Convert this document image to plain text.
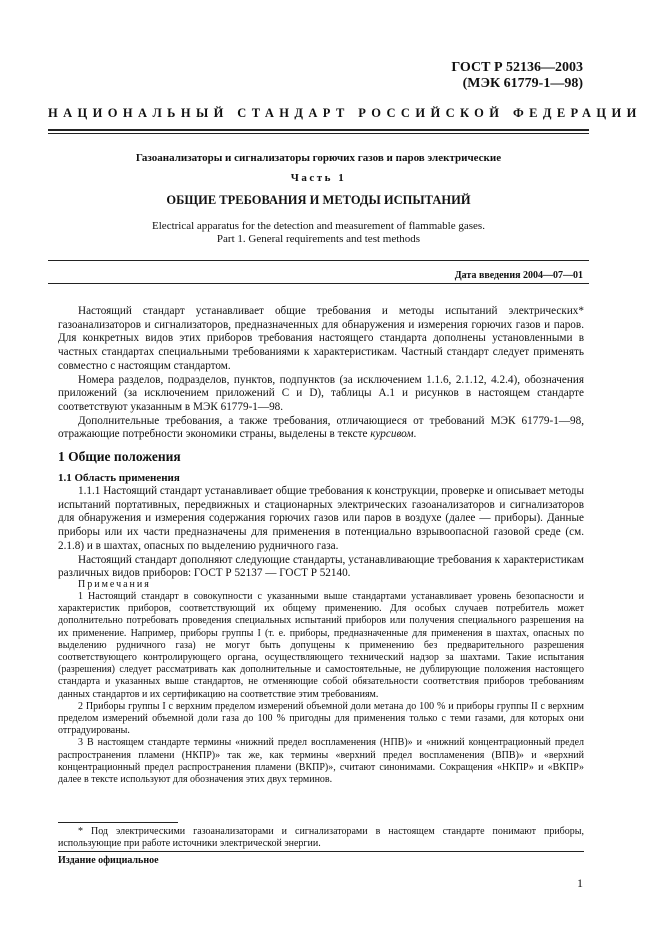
ГОСТ Р 52136—2003
(МЭК 61779-1—98)
НАЦИОНАЛЬНЫЙ СТАНДАРТ РОССИЙСКОЙ ФЕДЕРАЦИИ
Газоанализаторы и сигнализаторы горючих газов и паров электрические
Часть 1
ОБЩИЕ ТРЕБОВАНИЯ И МЕТОДЫ ИСПЫТАНИЙ
Electrical apparatus for the detection and measurement of flammable gases.
Part 1. General requirements and test methods
Дата введения 2004—07—01

Настоящий стандарт устанавливает общие требования и методы испытаний электрических* газоанализаторов и сигнализаторов, предназначенных для обнаружения и измерения горючих газов и паров. Для конкретных видов этих приборов требования настоящего стандарта дополнены установленными в частных стандартах специальными требованиями к характеристикам. Частный стандарт следует применять совместно с настоящим стандартом.

Номера разделов, подразделов, пунктов, подпунктов (за исключением 1.1.6, 2.1.12, 4.2.4), обозначения приложений (за исключением приложений С и D), таблицы А.1 и рисунков в настоящем стандарте соответствуют указанным в МЭК 61779-1—98.

Дополнительные требования, а также требования, отличающиеся от требований МЭК 61779-1—98, отражающие потребности экономики страны, выделены в тексте курсивом.

1 Общие положения
1.1 Область применения

1.1.1 Настоящий стандарт устанавливает общие требования к конструкции, проверке и описывает методы испытаний портативных, передвижных и стационарных электрических газоанализаторов и сигнализаторов для обнаружения и измерения содержания горючих газов или паров в воздухе (далее — приборы). Данные приборы или их части предназначены для применения в потенциально взрывоопасной газовой среде (см. 2.1.8) и в шахтах, опасных по выделению рудничного газа.

Настоящий стандарт дополняют следующие стандарты, устанавливающие требования к характеристикам различных видов приборов: ГОСТ Р 52137 — ГОСТ Р 52140.

Примечания

1 Настоящий стандарт в совокупности с указанными выше стандартами устанавливает уровень безопасности и характеристик приборов, соответствующий их общему применению. Для особых случаев потребитель может дополнительно потребовать проведения специальных испытаний приборов или получения специального разрешения на их применение. Например, приборы группы I (т. е. приборы, предназначенные для применения в шахтах, опасных по выделению рудничного газа) не могут быть допущены к применению без предварительного разрешения соответствующего контролирующего органа, осуществляющего технический надзор за шахтами. Такие испытания (разрешения) следует рассматривать как дополнительные и самостоятельные, не дублирующие положения настоящего стандарта и указанных выше стандартов, не отменяющие собой обязательности соответствия приборов требованиям данных стандартов и их сертификацию на соответствие этим требованиям.

2 Приборы группы I с верхним пределом измерений объемной доли метана до 100 % и приборы группы II с верхним пределом измерений объемной доли газа до 100 % пригодны для применения только с теми газами, для которых они отградуированы.

3 В настоящем стандарте термины «нижний предел воспламенения (НПВ)» и «нижний концентрационный предел распространения пламени (НКПР)» так же, как термины «верхний предел воспламенения (ВПВ)» и «верхний концентрационный предел распространения пламени (ВКПР)», считают синонимами. Сокращения «НКПР» и «ВКПР» далее в тексте используют для обозначения этих двух терминов.

* Под электрическими газоанализаторами и сигнализаторами в настоящем стандарте понимают приборы, использующие при работе источники электрической энергии.

Издание официальное
1
